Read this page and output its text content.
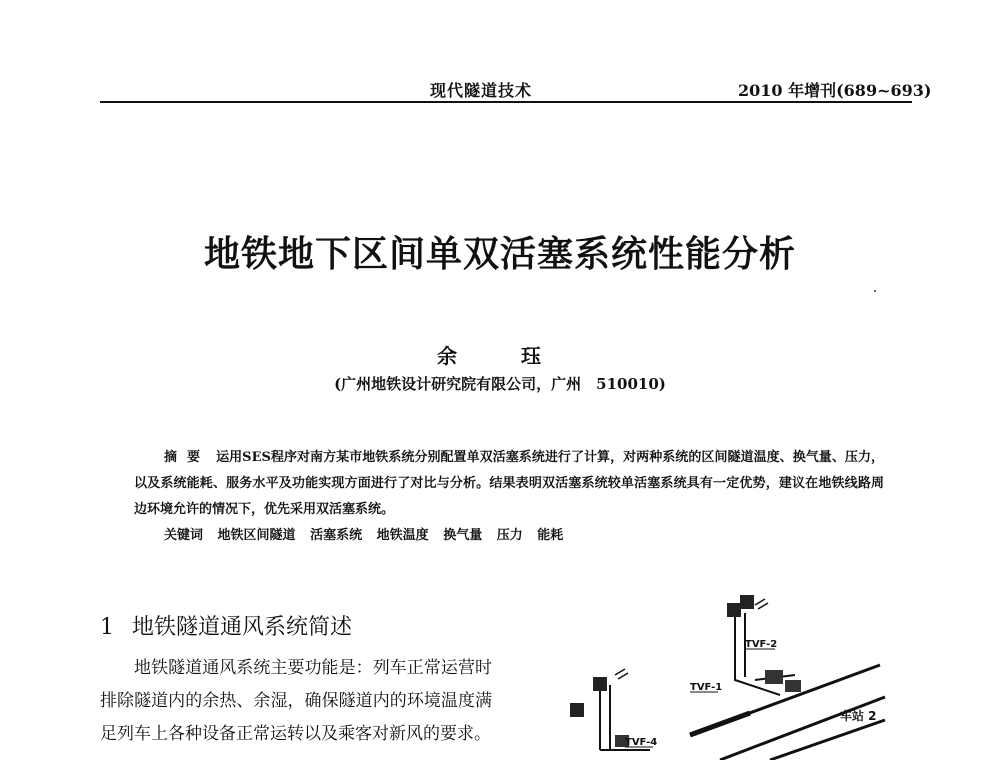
现代隧道技术	2010 年增刊(689~693)
地铁地下区间单双活塞系统性能分析
余　珏
(广州地铁设计研究院有限公司，广州　510010)
摘要 运用SES程序对南方某市地铁系统分别配置单双活塞系统进行了计算，对两种系统的区间隧道温度、换气量、压力，以及系统能耗、服务水平及功能实现方面进行了对比与分析。结果表明双活塞系统较单活塞系统具有一定优势，建议在地铁线路周边环境允许的情况下，优先采用双活塞系统。
关键词 地铁区间隧道 活塞系统 地铁温度 换气量 压力 能耗
1 地铁隧道通风系统简述
地铁隧道通风系统主要功能是：列车正常运营时排除隧道内的余热、余湿，确保隧道内的环境温度满足列车上各种设备正常运转以及乘客对新风的要求。
TVF-2
TVF-1
TVF-4
车站 2
